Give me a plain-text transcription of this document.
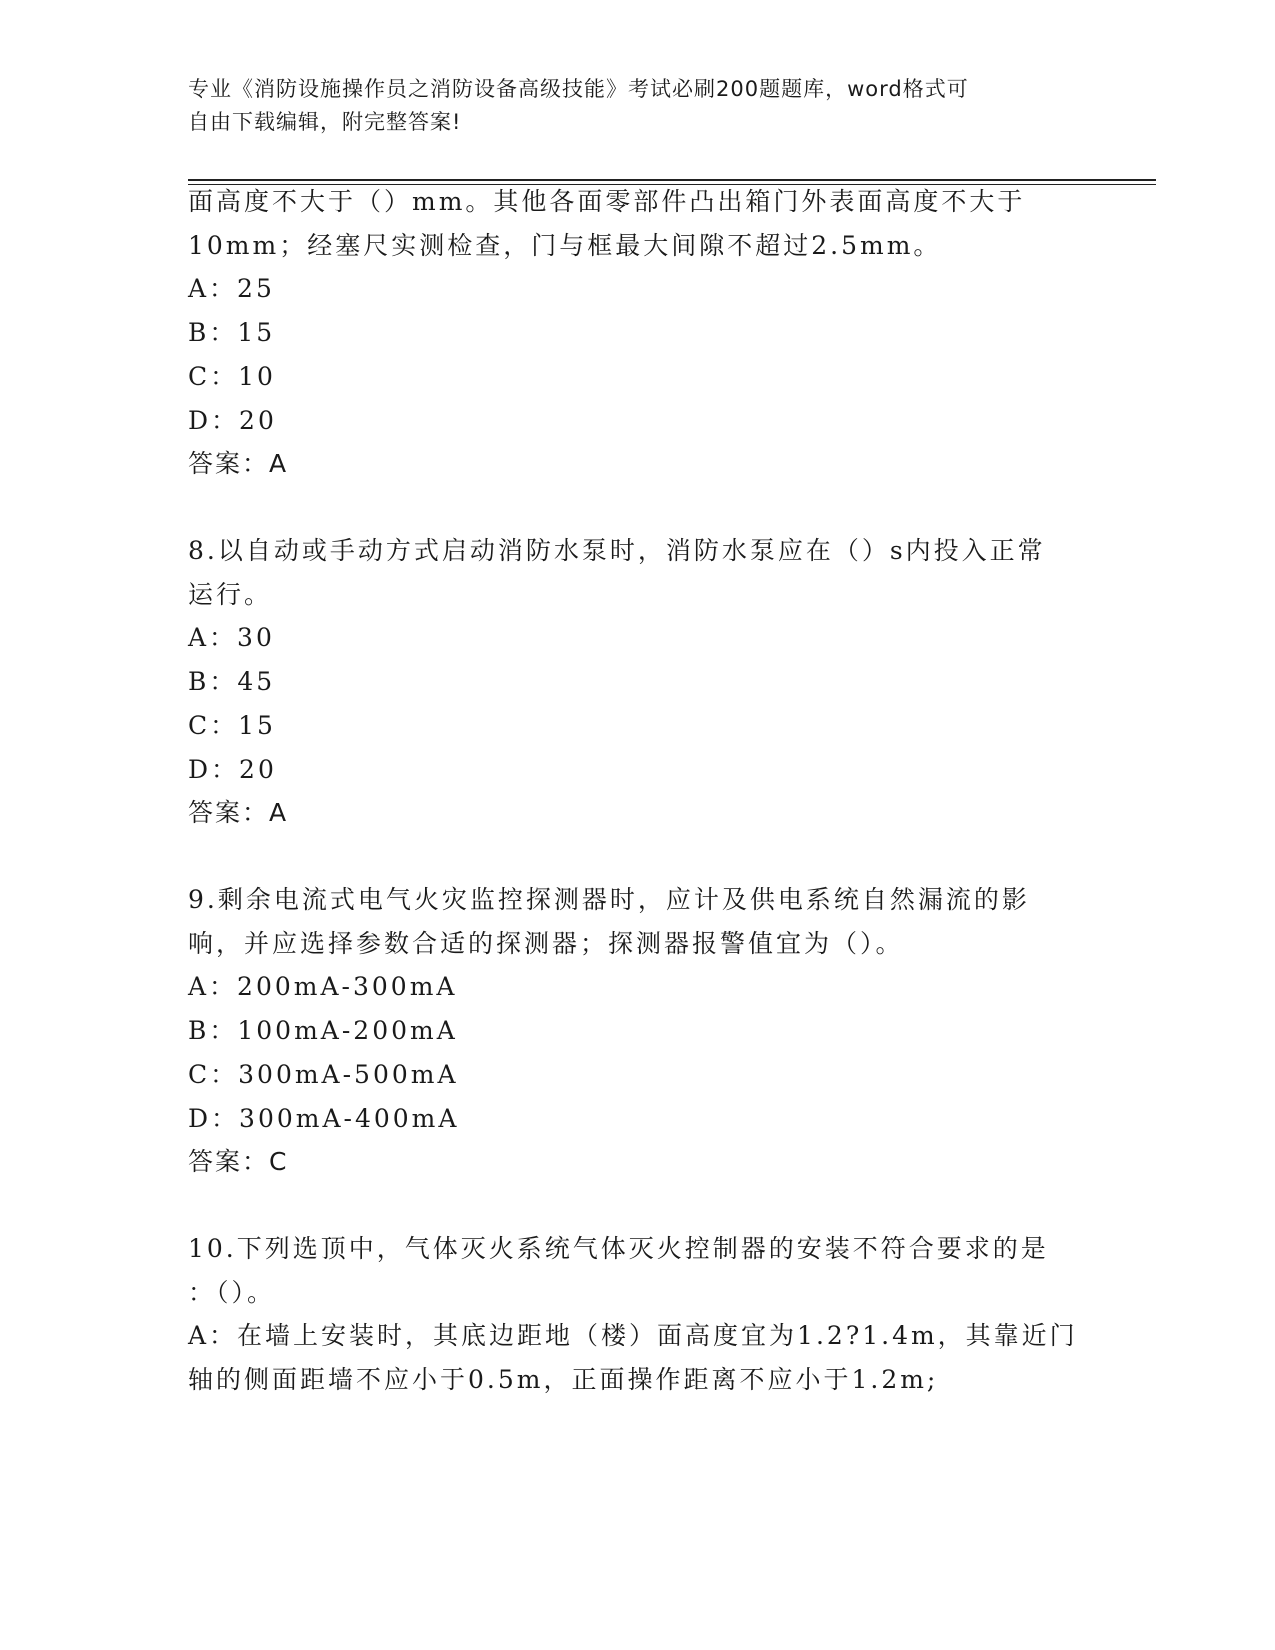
专业《消防设施操作员之消防设备高级技能》考试必刷200题题库，word格式可
自由下载编辑，附完整答案!
面高度不大于（）mm。其他各面零部件凸出箱门外表面高度不大于
10mm；经塞尺实测检查，门与框最大间隙不超过2.5mm。
A：25
B：15
C：10
D：20
答案：A
8.以自动或手动方式启动消防水泵时，消防水泵应在（）s内投入正常
运行。
A：30
B：45
C：15
D：20
答案：A
9.剩余电流式电气火灾监控探测器时，应计及供电系统自然漏流的影
响，并应选择参数合适的探测器；探测器报警值宜为（）。
A：200mA-300mA
B：100mA-200mA
C：300mA-500mA
D：300mA-400mA
答案：C
10.下列选顶中，气体灭火系统气体灭火控制器的安装不符合要求的是
：（）。
A：在墙上安装时，其底边距地（楼）面高度宜为1.2?1.4m，其靠近门
轴的侧面距墙不应小于0.5m，正面操作距离不应小于1.2m;
